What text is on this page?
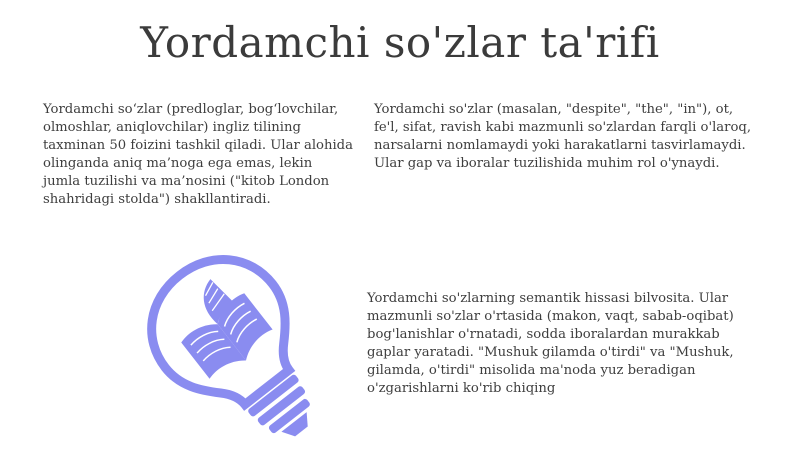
Yordamchi so'zlar ta'rifi
Yordamchi so‘zlar (predloglar, bog‘lovchilar, olmoshlar, aniqlovchilar) ingliz tilining taxminan 50 foizini tashkil qiladi. Ular alohida olinganda aniq ma’noga ega emas, lekin jumla tuzilishi va ma’nosini ("kitob London shahridagi stolda") shakllantiradi.
Yordamchi so'zlar (masalan, "despite", "the", "in"), ot, fe'l, sifat, ravish kabi mazmunli so'zlardan farqli o'laroq, narsalarni nomlamaydi yoki harakatlarni tasvirlamaydi. Ular gap va iboralar tuzilishida muhim rol o'ynaydi.
Yordamchi so'zlarning semantik hissasi bilvosita. Ular mazmunli so'zlar o'rtasida (makon, vaqt, sabab-oqibat) bog'lanishlar o'rnatadi, sodda iboralardan murakkab gaplar yaratadi. "Mushuk gilamda o'tirdi" va "Mushuk, gilamda, o'tirdi" misolida ma'noda yuz beradigan o'zgarishlarni ko'rib chiqing
